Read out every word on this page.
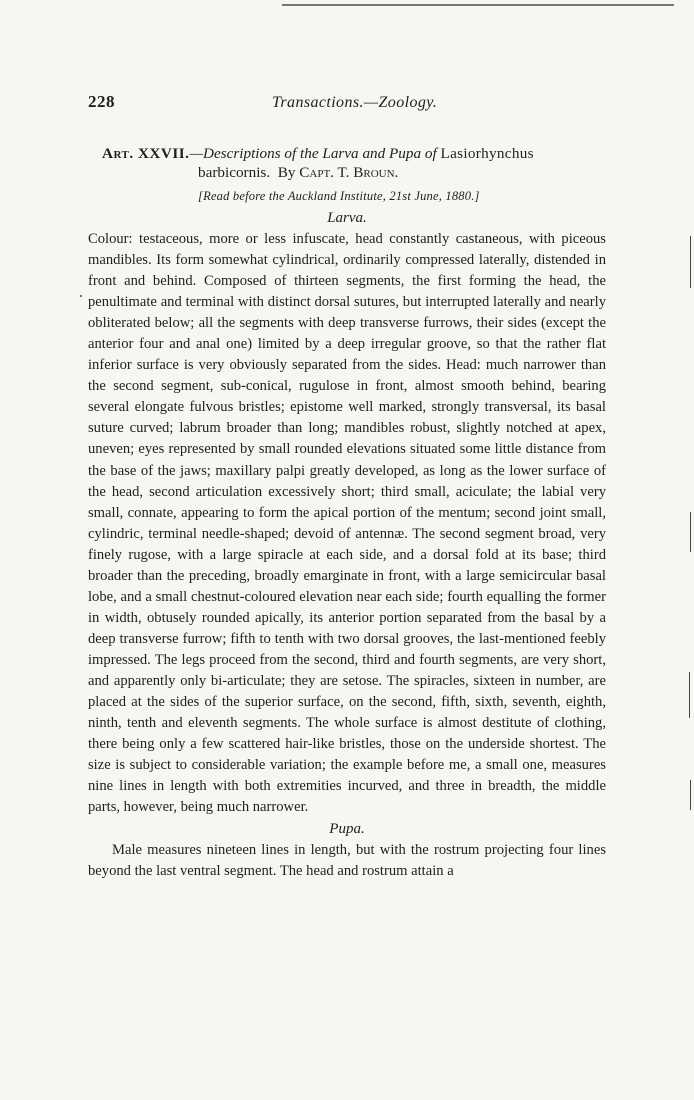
228	Transactions.—Zoology.
Art. XXVII.—Descriptions of the Larva and Pupa of Lasiorhynchus
barbicornis. By Capt. T. Broun.
[Read before the Auckland Institute, 21st June, 1880.]
Larva.

Colour: testaceous, more or less infuscate, head constantly castaneous, with piceous mandibles. Its form somewhat cylindrical, ordinarily compressed laterally, distended in front and behind. Composed of thirteen segments, the first forming the head, the penultimate and terminal with distinct dorsal sutures, but interrupted laterally and nearly obliterated below; all the segments with deep transverse furrows, their sides (except the anterior four and anal one) limited by a deep irregular groove, so that the rather flat inferior surface is very obviously separated from the sides. Head: much narrower than the second segment, sub-conical, rugulose in front, almost smooth behind, bearing several elongate fulvous bristles; epistome well marked, strongly transversal, its basal suture curved; labrum broader than long; mandibles robust, slightly notched at apex, uneven; eyes represented by small rounded elevations situated some little distance from the base of the jaws; maxillary palpi greatly developed, as long as the lower surface of the head, second articulation excessively short; third small, aciculate; the labial very small, connate, appearing to form the apical portion of the mentum; second joint small, cylindric, terminal needle-shaped; devoid of antennæ. The second segment broad, very finely rugose, with a large spiracle at each side, and a dorsal fold at its base; third broader than the preceding, broadly emarginate in front, with a large semicircular basal lobe, and a small chestnut-coloured elevation near each side; fourth equalling the former in width, obtusely rounded apically, its anterior portion separated from the basal by a deep transverse furrow; fifth to tenth with two dorsal grooves, the last-mentioned feebly impressed. The legs proceed from the second, third and fourth segments, are very short, and apparently only bi-articulate; they are setose. The spiracles, sixteen in number, are placed at the sides of the superior surface, on the second, fifth, sixth, seventh, eighth, ninth, tenth and eleventh segments. The whole surface is almost destitute of clothing, there being only a few scattered hair-like bristles, those on the underside shortest. The size is subject to considerable variation; the example before me, a small one, measures nine lines in length with both extremities incurved, and three in breadth, the middle parts, however, being much narrower.

Pupa.

Male measures nineteen lines in length, but with the rostrum projecting four lines beyond the last ventral segment. The head and rostrum attain a
